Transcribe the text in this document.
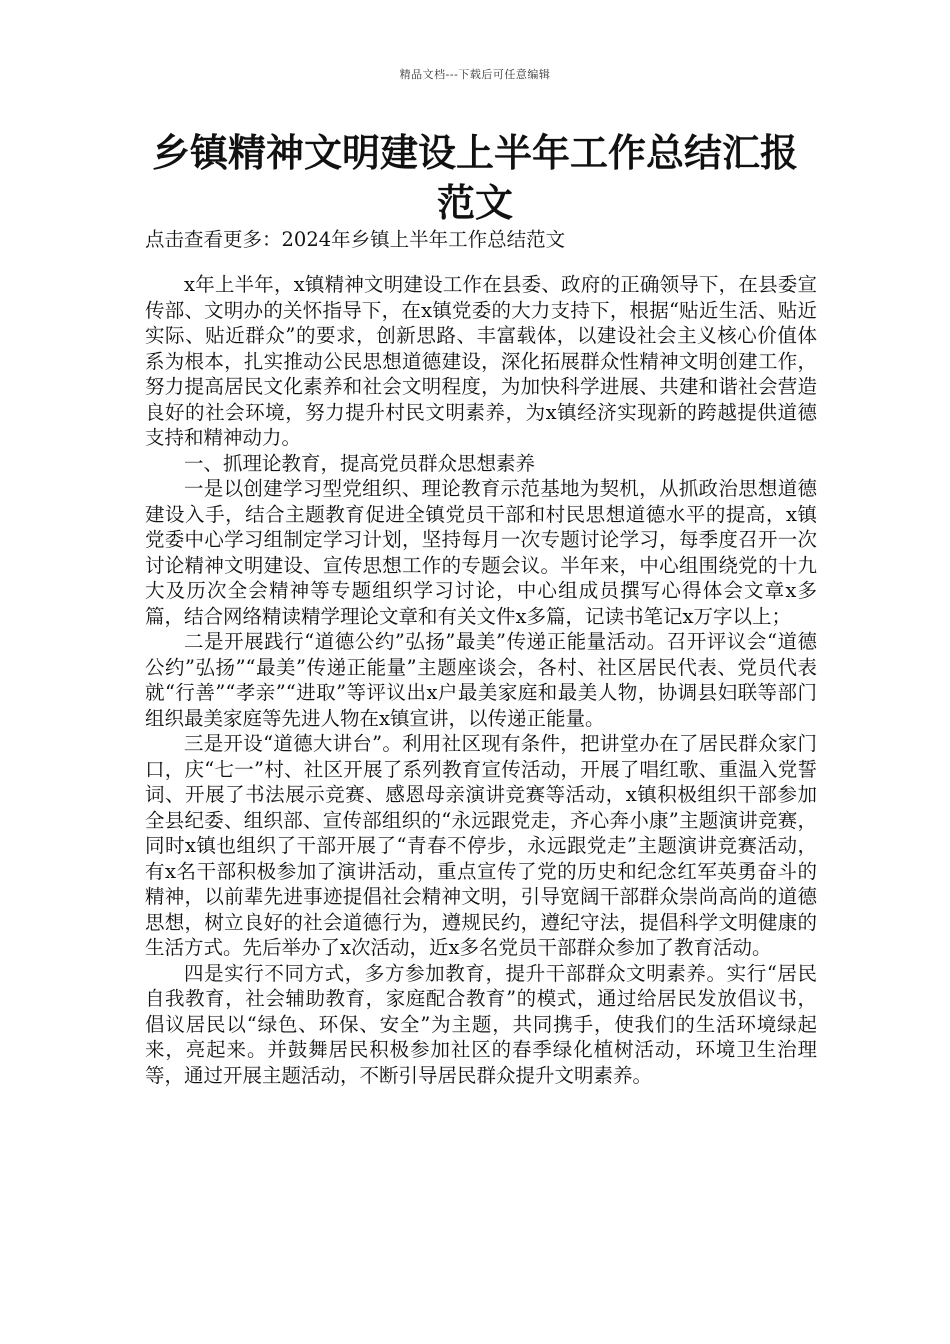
精品文档---下载后可任意编辑
乡镇精神文明建设上半年工作总结汇报
范文
点击查看更多：2024年乡镇上半年工作总结范文

x年上半年，x镇精神文明建设工作在县委、政府的正确领导下，在县委宣传部、文明办的关怀指导下，在x镇党委的大力支持下，根据“贴近生活、贴近实际、贴近群众”的要求，创新思路、丰富载体，以建设社会主义核心价值体系为根本，扎实推动公民思想道德建设，深化拓展群众性精神文明创建工作，努力提高居民文化素养和社会文明程度，为加快科学进展、共建和谐社会营造良好的社会环境，努力提升村民文明素养，为x镇经济实现新的跨越提供道德支持和精神动力。

一、抓理论教育，提高党员群众思想素养

一是以创建学习型党组织、理论教育示范基地为契机，从抓政治思想道德建设入手，结合主题教育促进全镇党员干部和村民思想道德水平的提高，x镇党委中心学习组制定学习计划，坚持每月一次专题讨论学习，每季度召开一次讨论精神文明建设、宣传思想工作的专题会议。半年来，中心组围绕党的十九大及历次全会精神等专题组织学习讨论，中心组成员撰写心得体会文章x多篇，结合网络精读精学理论文章和有关文件x多篇，记读书笔记x万字以上；

二是开展践行“道德公约”弘扬”最美”传递正能量活动。召开评议会“道德公约”弘扬”“最美”传递正能量”主题座谈会，各村、社区居民代表、党员代表就“行善”“孝亲”“进取”等评议出x户最美家庭和最美人物，协调县妇联等部门组织最美家庭等先进人物在x镇宣讲，以传递正能量。

三是开设“道德大讲台”。利用社区现有条件，把讲堂办在了居民群众家门口，庆“七一”村、社区开展了系列教育宣传活动，开展了唱红歌、重温入党誓词、开展了书法展示竞赛、感恩母亲演讲竞赛等活动，x镇积极组织干部参加全县纪委、组织部、宣传部组织的“永远跟党走，齐心奔小康”主题演讲竞赛，同时x镇也组织了干部开展了“青春不停步，永远跟党走”主题演讲竞赛活动，有x名干部积极参加了演讲活动，重点宣传了党的历史和纪念红军英勇奋斗的精神，以前辈先进事迹提倡社会精神文明，引导宽阔干部群众崇尚高尚的道德思想，树立良好的社会道德行为，遵规民约，遵纪守法，提倡科学文明健康的生活方式。先后举办了x次活动，近x多名党员干部群众参加了教育活动。

四是实行不同方式，多方参加教育，提升干部群众文明素养。实行“居民自我教育，社会辅助教育，家庭配合教育”的模式，通过给居民发放倡议书，倡议居民以“绿色、环保、安全”为主题，共同携手，使我们的生活环境绿起来，亮起来。并鼓舞居民积极参加社区的春季绿化植树活动，环境卫生治理等，通过开展主题活动，不断引导居民群众提升文明素养。
